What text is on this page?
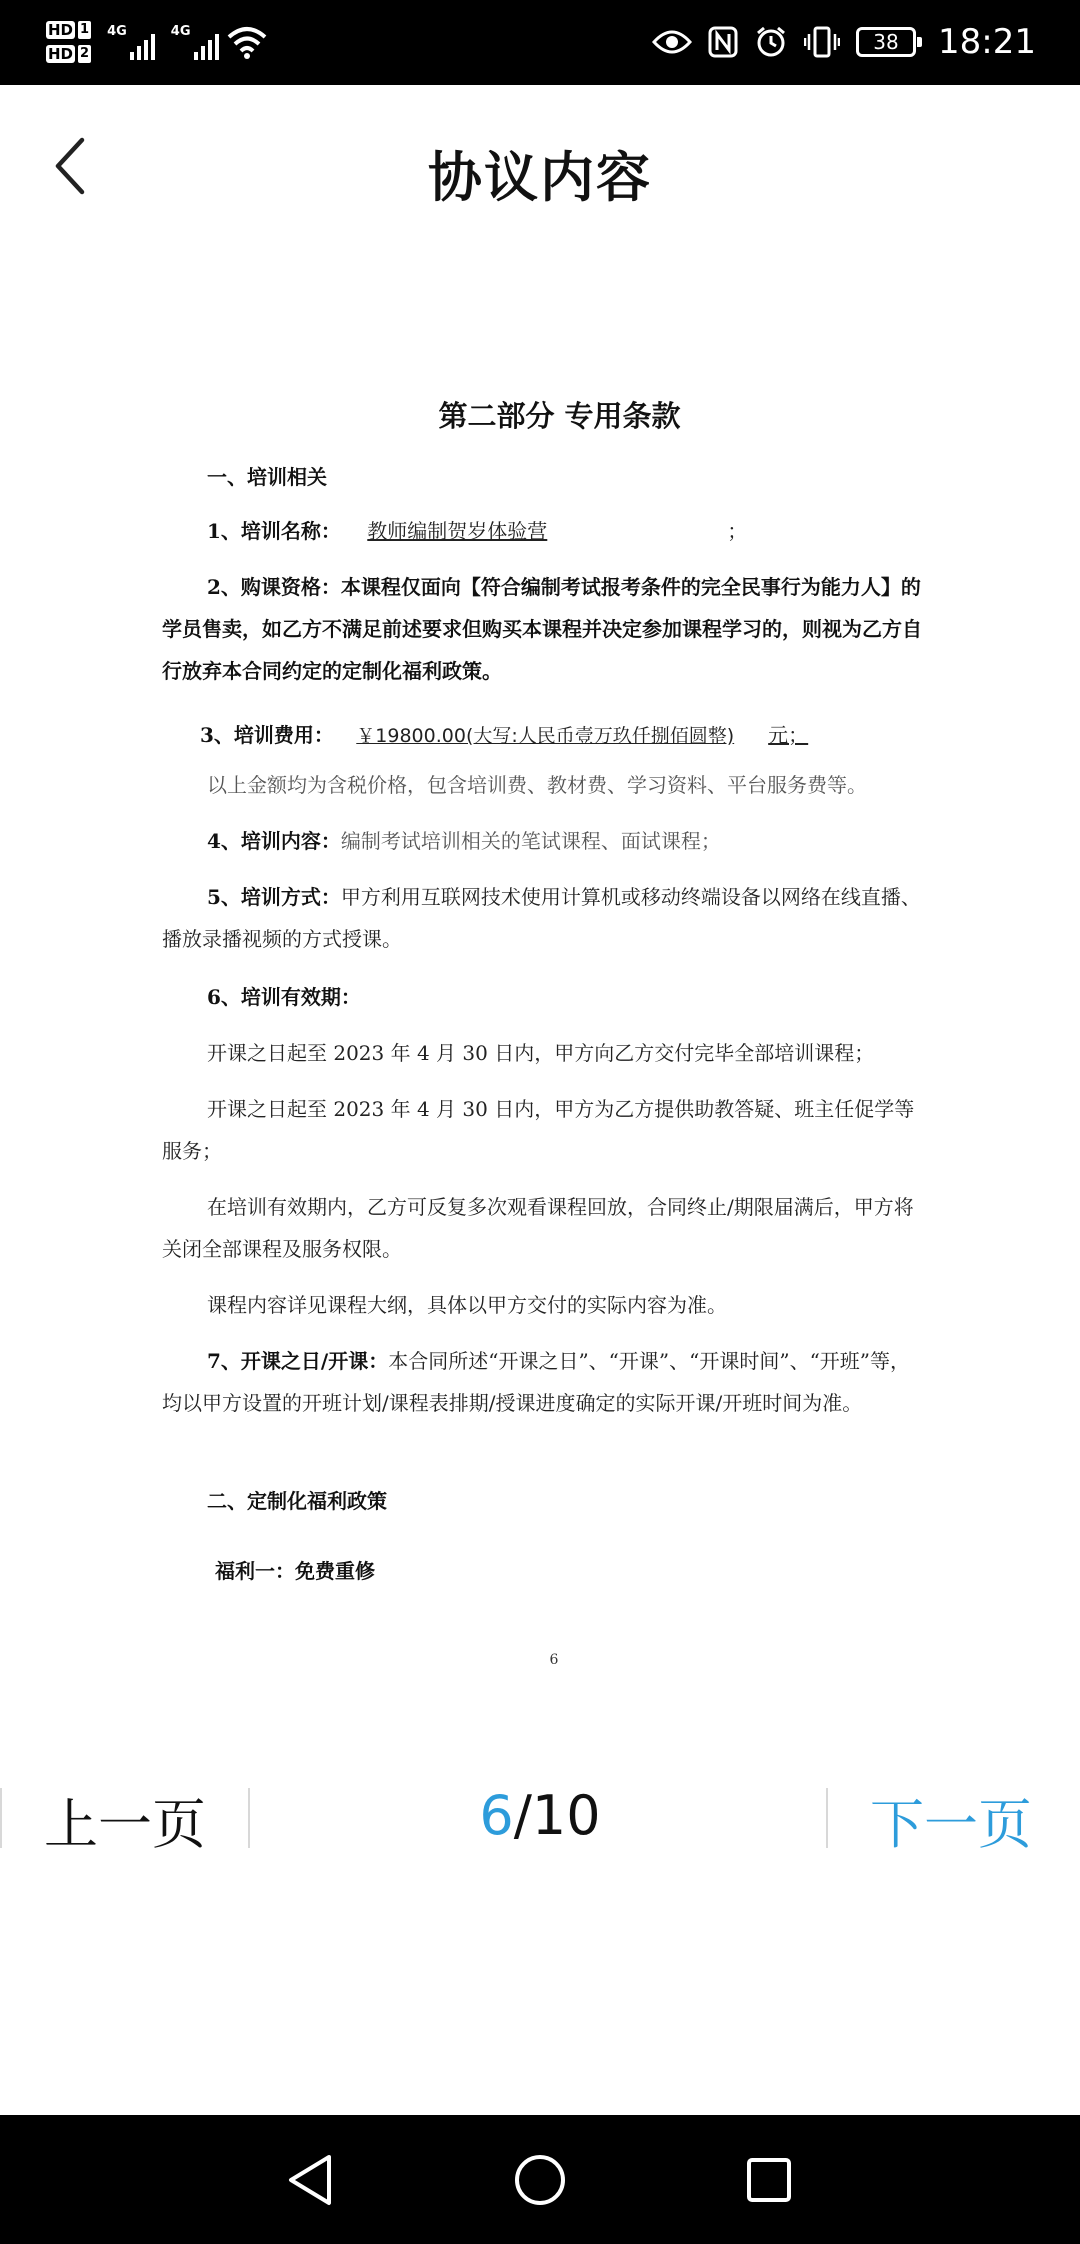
HD 1
HD 2
4G	4G	38 18:21
协议内容
第二部分 专用条款
一、培训相关
1、培训名称： 教师编制贺岁体验营	；
2、购课资格：本课程仅面向【符合编制考试报考条件的完全民事行为能力人】的学员售卖，如乙方不满足前述要求但购买本课程并决定参加课程学习的，则视为乙方自行放弃本合同约定的定制化福利政策。
3、培训费用： ￥19800.00(大写:人民币壹万玖仟捌佰圆整) 元；
以上金额均为含税价格，包含培训费、教材费、学习资料、平台服务费等。
4、培训内容：编制考试培训相关的笔试课程、面试课程；
5、培训方式：甲方利用互联网技术使用计算机或移动终端设备以网络在线直播、播放录播视频的方式授课。
6、培训有效期：
开课之日起至 2023 年 4 月 30 日内，甲方向乙方交付完毕全部培训课程；
开课之日起至 2023 年 4 月 30 日内，甲方为乙方提供助教答疑、班主任促学等服务；
在培训有效期内，乙方可反复多次观看课程回放，合同终止/期限届满后，甲方将关闭全部课程及服务权限。
课程内容详见课程大纲，具体以甲方交付的实际内容为准。
7、开课之日/开课：本合同所述“开课之日”、“开课”、“开课时间”、“开班”等，均以甲方设置的开班计划/课程表排期/授课进度确定的实际开课/开班时间为准。
二、定制化福利政策
福利一：免费重修
6
上一页	6/10	下一页
